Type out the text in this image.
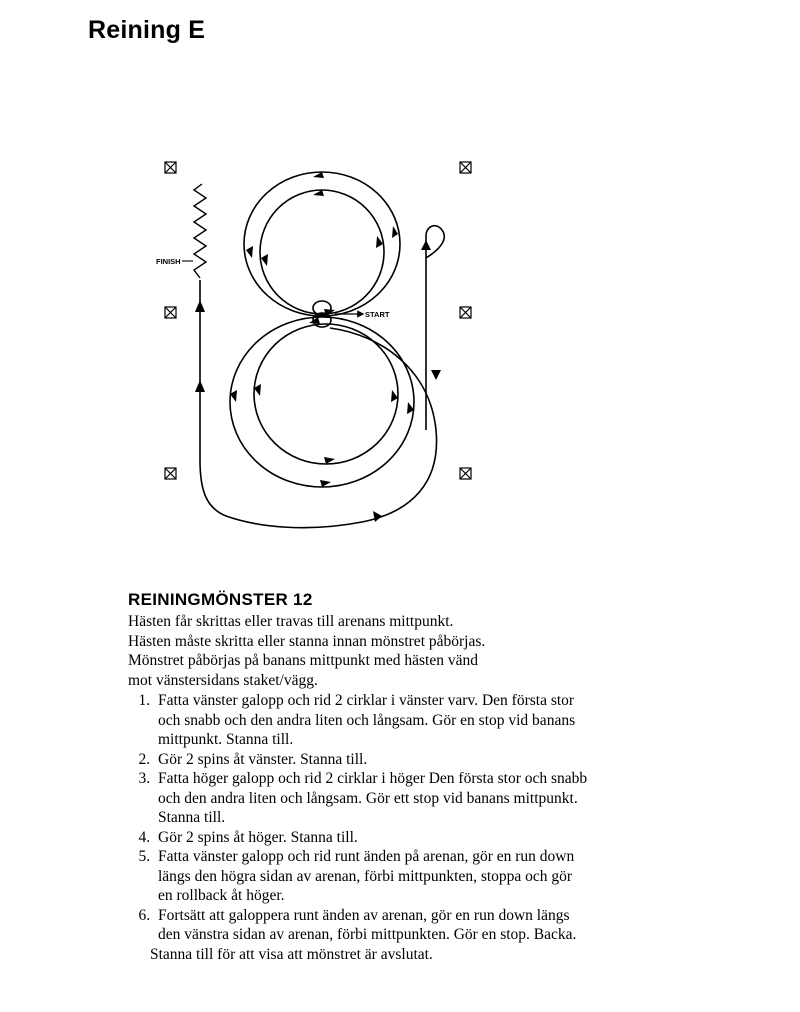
Reining E
START
FINISH
REININGMÖNSTER 12

Hästen får skrittas eller travas till arenans mittpunkt.

Hästen måste skritta eller stanna innan mönstret påbörjas.

Mönstret påbörjas på banans mittpunkt med hästen vänd

mot vänstersidans staket/vägg.

1. Fatta vänster galopp och rid 2 cirklar i vänster varv. Den första stor och snabb och den andra liten och långsam. Gör en stop vid banans mittpunkt. Stanna till.
2. Gör 2 spins åt vänster. Stanna till.
3. Fatta höger galopp och rid 2 cirklar i höger Den första stor och snabb och den andra liten och långsam. Gör ett stop vid banans mittpunkt. Stanna till.
4. Gör 2 spins åt höger. Stanna till.
5. Fatta vänster galopp och rid runt änden på arenan, gör en run down längs den högra sidan av arenan, förbi mittpunkten, stoppa och gör en rollback åt höger.
6. Fortsätt att galoppera runt änden av arenan, gör en run down längs den vänstra sidan av arenan, förbi mittpunkten. Gör en stop. Backa.
Stanna till för att visa att mönstret är avslutat.
